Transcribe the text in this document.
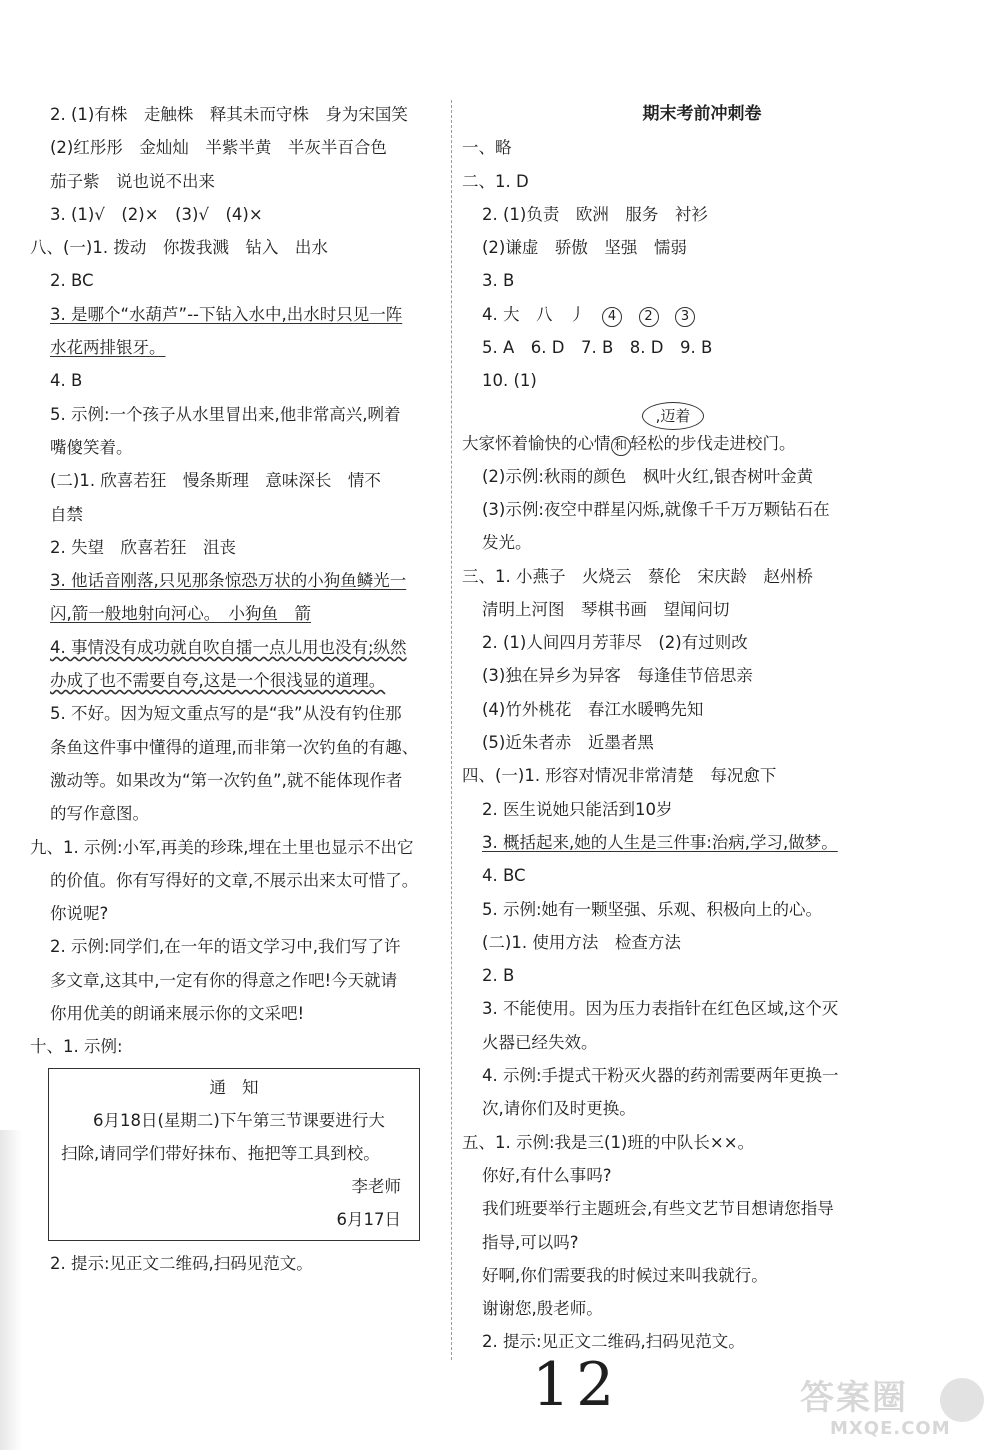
2. (1)有株　走触株　释其未而守株　身为宋国笑
(2)红彤彤　金灿灿　半紫半黄　半灰半百合色
茄子紫　说也说不出来
3. (1)√　(2)×　(3)√　(4)×
八、(一)1. 拨动　你拨我溅　钻入　出水
2. BC
3. 是哪个“水葫芦”--下钻入水中,出水时只见一阵
水花两排银牙。
4. B
5. 示例:一个孩子从水里冒出来,他非常高兴,咧着
嘴傻笑着。
(二)1. 欣喜若狂　慢条斯理　意味深长　情不
自禁
2. 失望　欣喜若狂　沮丧
3. 他话音刚落,只见那条惊恐万状的小狗鱼鳞光一
闪,箭一般地射向河心。　小狗鱼　箭
4. 事情没有成功就自吹自擂一点儿用也没有;纵然
办成了也不需要自夸,这是一个很浅显的道理。
5. 不好。因为短文重点写的是“我”从没有钓住那
条鱼这件事中懂得的道理,而非第一次钓鱼的有趣、
激动等。如果改为“第一次钓鱼”,就不能体现作者
的写作意图。
九、1. 示例:小军,再美的珍珠,埋在土里也显示不出它
的价值。你有写得好的文章,不展示出来太可惜了。
你说呢?
2. 示例:同学们,在一年的语文学习中,我们写了许
多文章,这其中,一定有你的得意之作吧!今天就请
你用优美的朗诵来展示你的文采吧!
十、1. 示例:
通知
6月18日(星期二)下午第三节课要进行大
扫除,请同学们带好抹布、拖把等工具到校。
李老师
6月17日
2. 提示:见正文二维码,扫码见范文。
期末考前冲刺卷
一、略
二、1. D
2. (1)负责　欧洲　服务　衬衫
(2)谦虚　骄傲　坚强　懦弱
3. B
4. 大　八　丿  4  2  3
5. A　6. D　7. B　8. D　9. B
10. (1)
,迈着
大家怀着愉快的心情 和 轻松的步伐走进校门。
(2)示例:秋雨的颜色　枫叶火红,银杏树叶金黄
(3)示例:夜空中群星闪烁,就像千千万万颗钻石在
发光。
三、1. 小燕子　火烧云　蔡伦　宋庆龄　赵州桥
清明上河图　琴棋书画　望闻问切
2. (1)人间四月芳菲尽　(2)有过则改
(3)独在异乡为异客　每逢佳节倍思亲
(4)竹外桃花　春江水暖鸭先知
(5)近朱者赤　近墨者黑
四、(一)1. 形容对情况非常清楚　每况愈下
2. 医生说她只能活到10岁
3. 概括起来,她的人生是三件事:治病,学习,做梦。
4. BC
5. 示例:她有一颗坚强、乐观、积极向上的心。
(二)1. 使用方法　检查方法
2. B
3. 不能使用。因为压力表指针在红色区域,这个灭
火器已经失效。
4. 示例:手提式干粉灭火器的药剂需要两年更换一
次,请你们及时更换。
五、1. 示例:我是三(1)班的中队长××。
你好,有什么事吗?
我们班要举行主题班会,有些文艺节目想请您指导
指导,可以吗?
好啊,你们需要我的时候过来叫我就行。
谢谢您,殷老师。
2. 提示:见正文二维码,扫码见范文。
12	答案圈
MXQE.COM
